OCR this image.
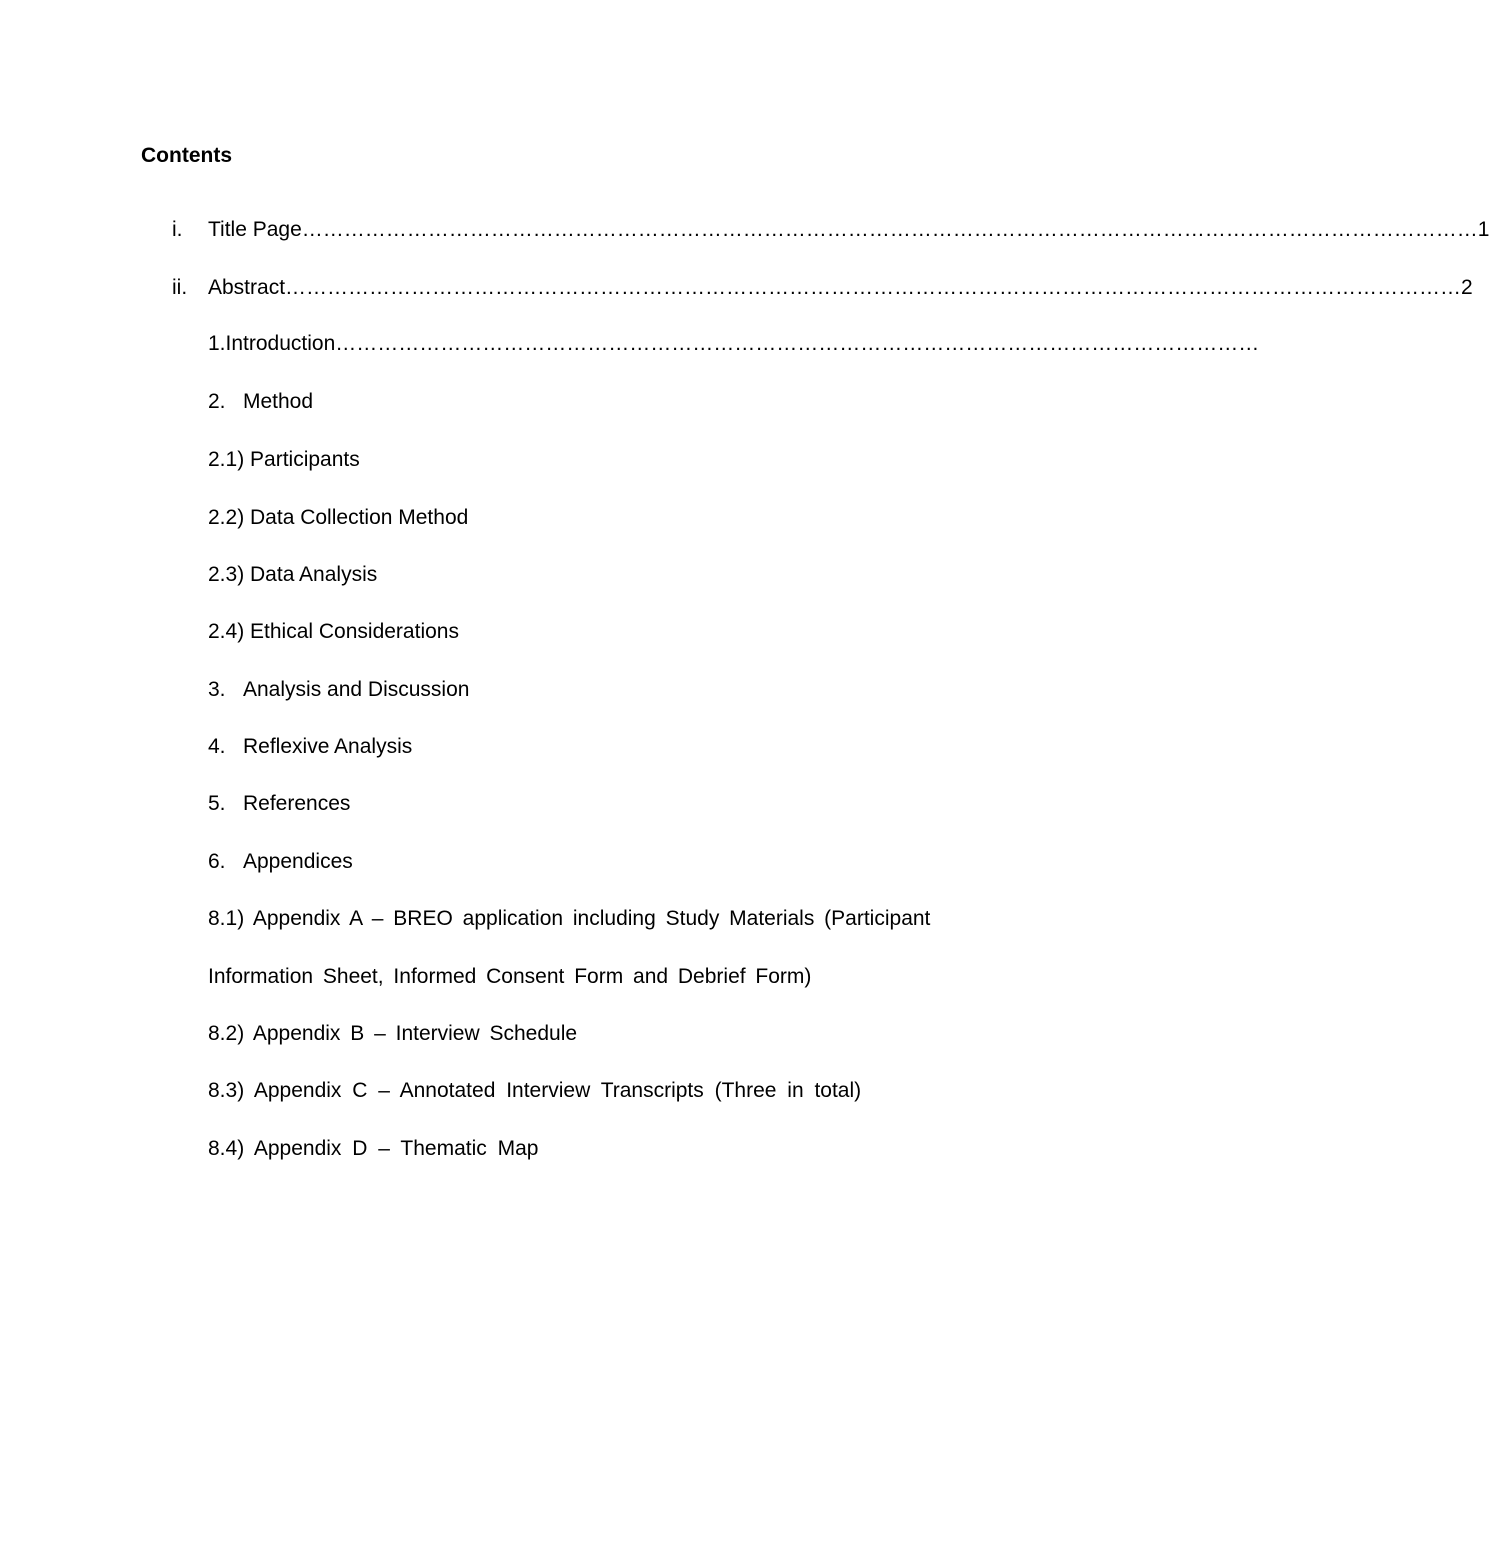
Contents
i. Title Page …………………………………………………………………………………………………………………………………………………… 1
ii. Abstract …………………………………………………………………………………………………………………………………………………… 2
1. Introduction ……………………………………………………………………………………………………………………
2. Method
2.1) Participants
2.2) Data Collection Method
2.3) Data Analysis
2.4) Ethical Considerations
3. Analysis and Discussion
4. Reflexive Analysis
5. References
6. Appendices
8.1) Appendix A – BREO application including Study Materials (Participant
Information Sheet, Informed Consent Form and Debrief Form)
8.2) Appendix B – Interview Schedule
8.3) Appendix C – Annotated Interview Transcripts (Three in total)
8.4) Appendix D – Thematic Map
